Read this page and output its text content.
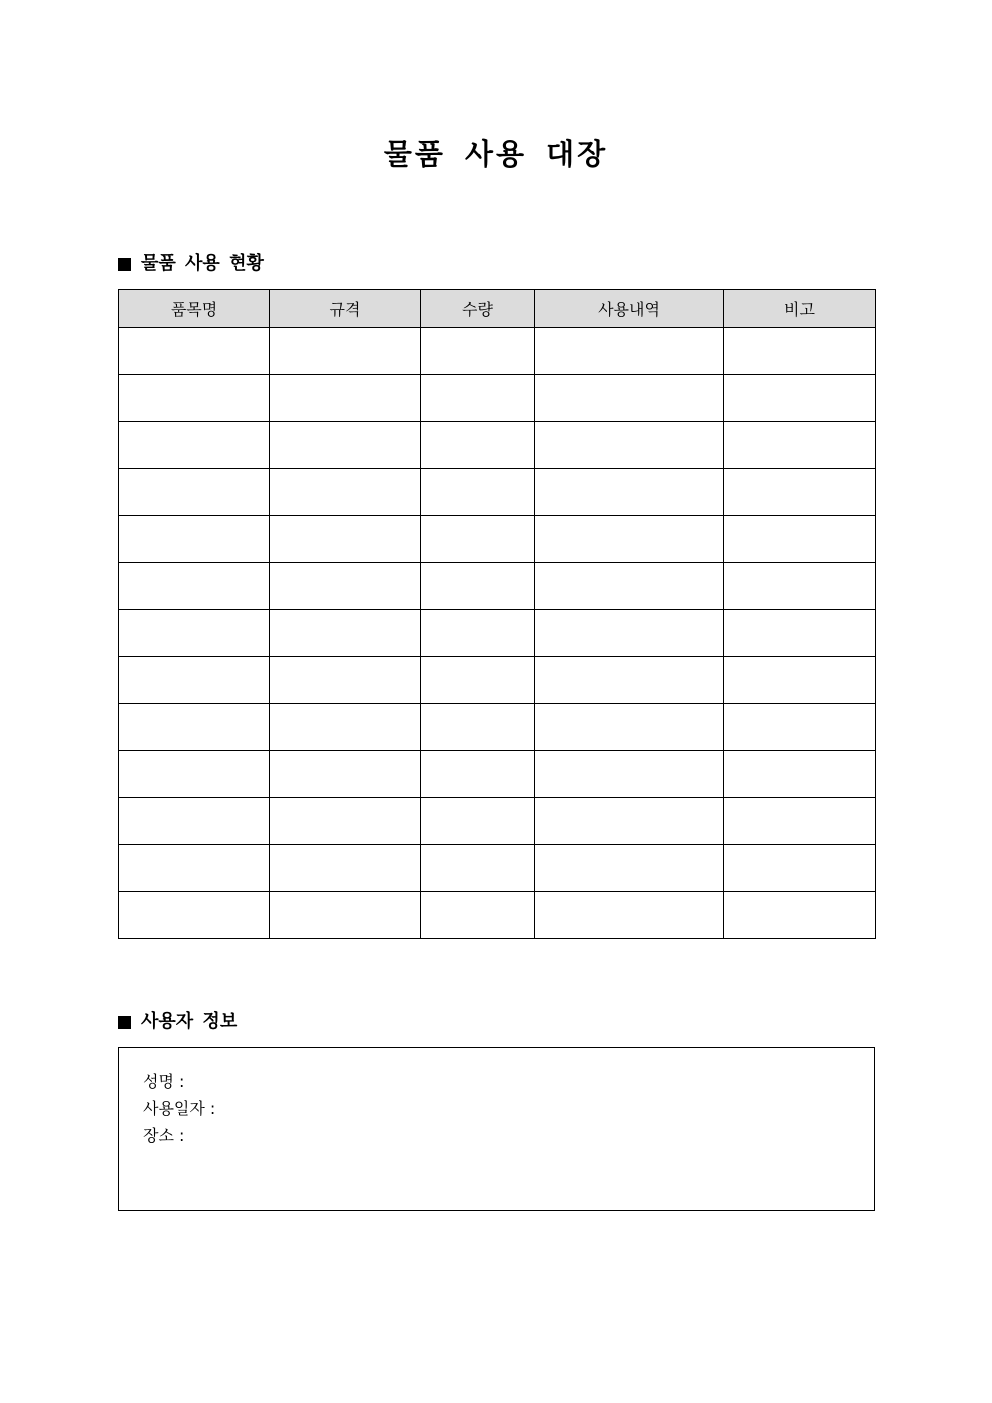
물품 사용 대장
물품 사용 현황
품목명	규격	수량	사용내역	비고

사용자 정보
성명 :
사용일자 :
장소 :
